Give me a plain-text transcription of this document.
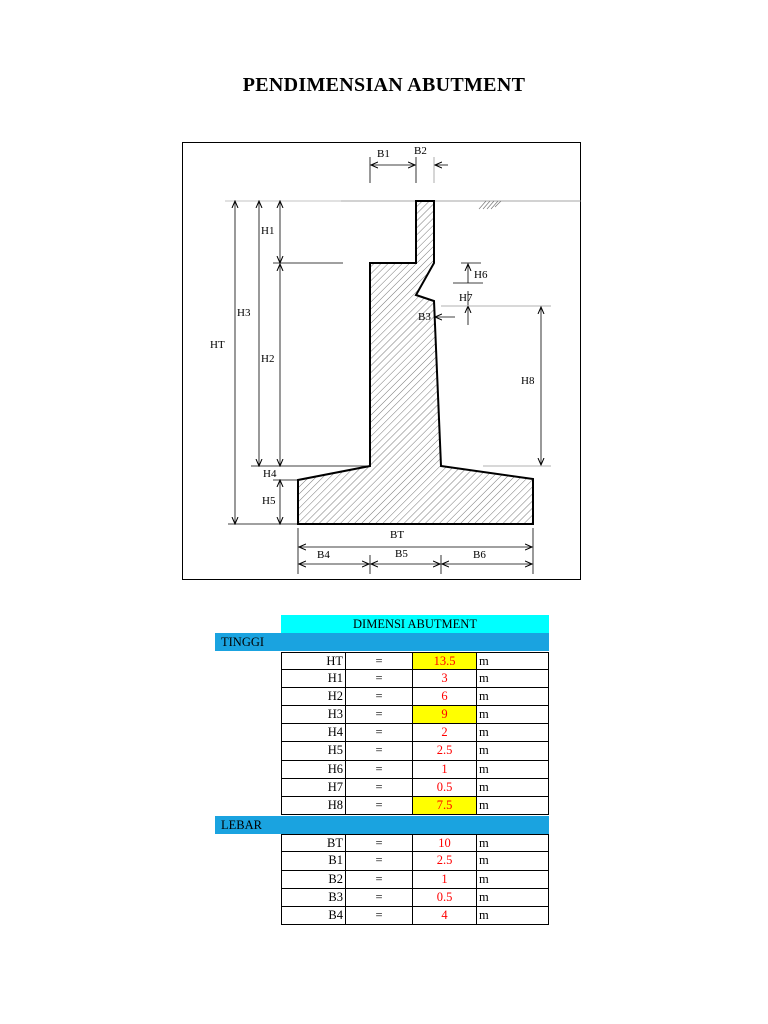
PENDIMENSIAN ABUTMENT
B1 B2
HT
H3
H1
H2
H4
H5
H6
H7
B3
H8
BT
B4	B5	B6
DIMENSI ABUTMENT
TINGGI
HT	=	13.5	m
H1	=	3	m
H2	=	6	m
H3	=	9	m
H4	=	2	m
H5	=	2.5	m
H6	=	1	m
H7	=	0.5	m
H8	=	7.5	m
LEBAR
BT	=	10	m
B1	=	2.5	m
B2	=	1	m
B3	=	0.5	m
B4	=	4	m
